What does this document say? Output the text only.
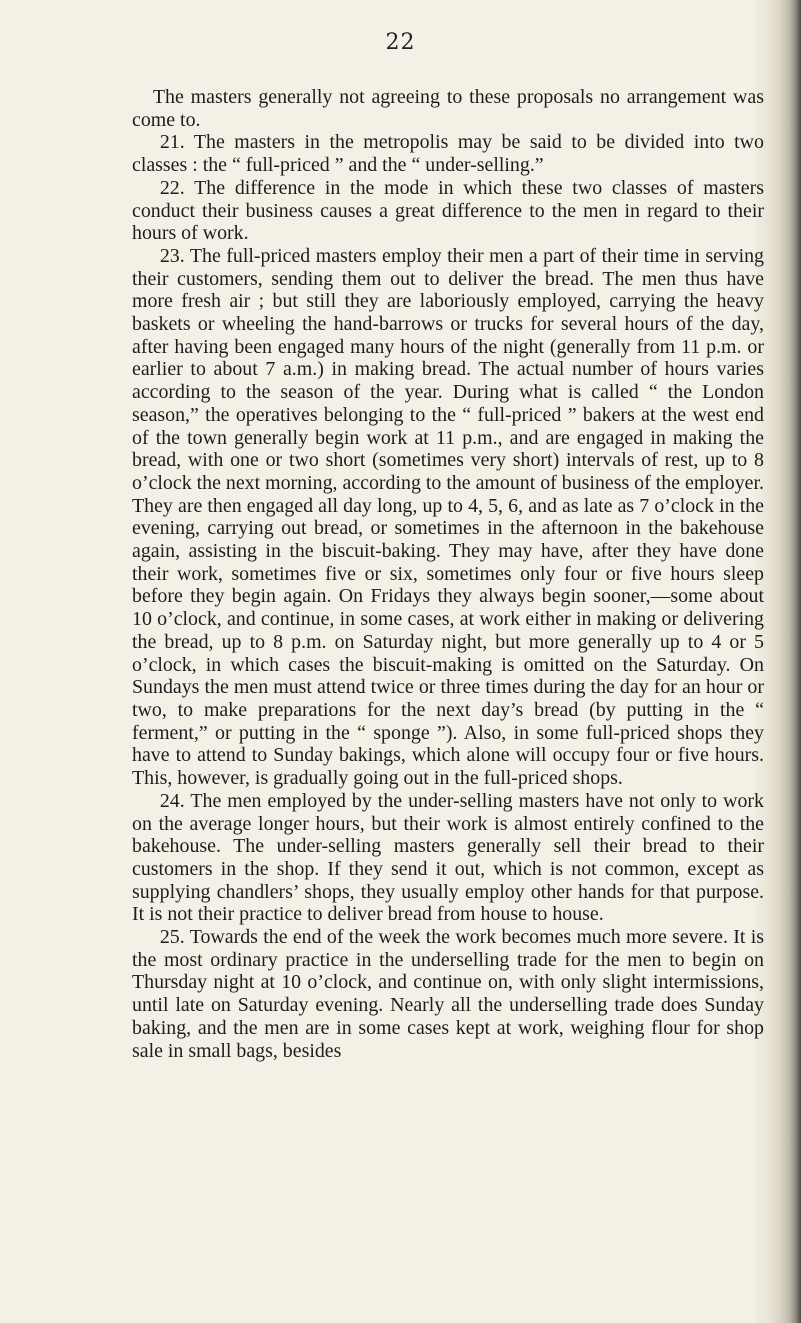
22

The masters generally not agreeing to these proposals no arrangement was come to.

21. The masters in the metropolis may be said to be divided into two classes : the “ full-priced ” and the “ under-selling.”

22. The difference in the mode in which these two classes of masters conduct their business causes a great difference to the men in regard to their hours of work.

23. The full-priced masters employ their men a part of their time in serving their customers, sending them out to deliver the bread. The men thus have more fresh air ; but still they are laboriously employed, carrying the heavy baskets or wheeling the hand-barrows or trucks for several hours of the day, after having been engaged many hours of the night (generally from 11 p.m. or earlier to about 7 a.m.) in making bread. The actual number of hours varies according to the season of the year. During what is called “ the London season,” the operatives belonging to the “ full-priced ” bakers at the west end of the town generally begin work at 11 p.m., and are engaged in making the bread, with one or two short (sometimes very short) intervals of rest, up to 8 o’clock the next morning, according to the amount of business of the employer. They are then engaged all day long, up to 4, 5, 6, and as late as 7 o’clock in the evening, carrying out bread, or sometimes in the afternoon in the bakehouse again, assisting in the biscuit-baking. They may have, after they have done their work, sometimes five or six, sometimes only four or five hours sleep before they begin again. On Fridays they always begin sooner,—some about 10 o’clock, and continue, in some cases, at work either in making or delivering the bread, up to 8 p.m. on Saturday night, but more generally up to 4 or 5 o’clock, in which cases the biscuit-making is omitted on the Saturday. On Sundays the men must attend twice or three times during the day for an hour or two, to make preparations for the next day’s bread (by putting in the “ ferment,” or putting in the “ sponge ”). Also, in some full-priced shops they have to attend to Sunday bakings, which alone will occupy four or five hours. This, however, is gradually going out in the full-priced shops.

24. The men employed by the under-selling masters have not only to work on the average longer hours, but their work is almost entirely confined to the bakehouse. The under-selling masters generally sell their bread to their customers in the shop. If they send it out, which is not common, except as supplying chandlers’ shops, they usually employ other hands for that purpose. It is not their practice to deliver bread from house to house.

25. Towards the end of the week the work becomes much more severe. It is the most ordinary practice in the underselling trade for the men to begin on Thursday night at 10 o’clock, and continue on, with only slight intermissions, until late on Saturday evening. Nearly all the underselling trade does Sunday baking, and the men are in some cases kept at work, weighing flour for shop sale in small bags, besides
